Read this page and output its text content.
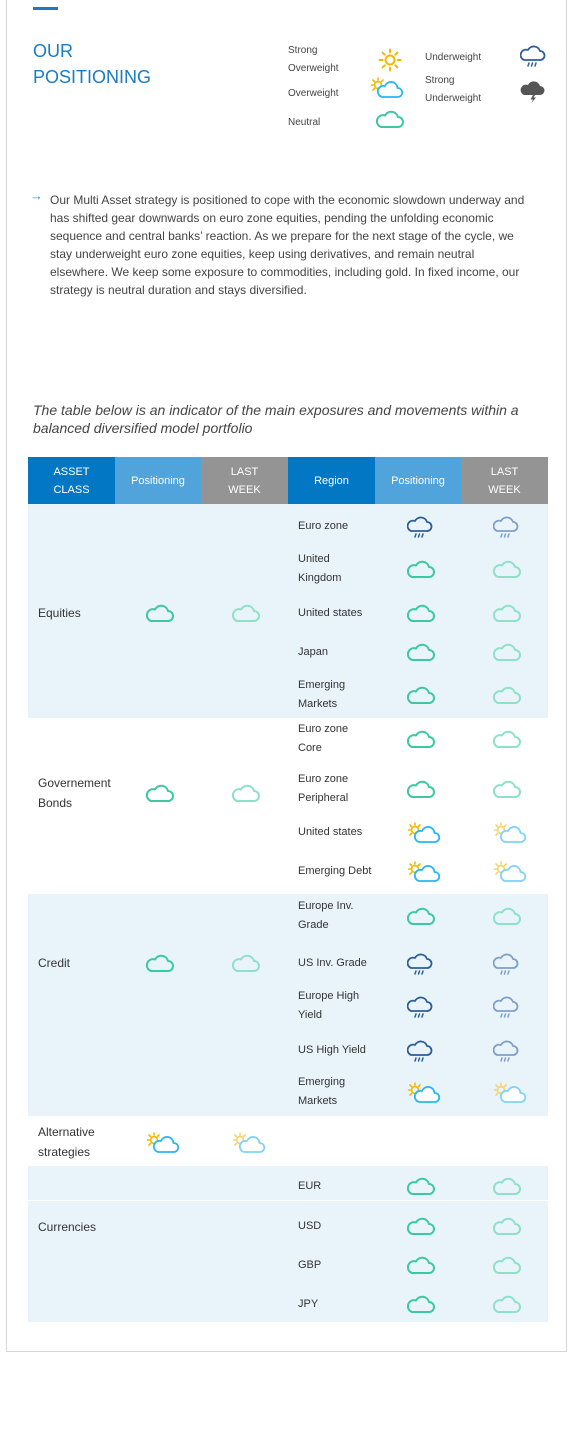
OUR
POSITIONING
Strong
Overweight
Overweight
Neutral
Underweight
Strong
Underweight
→ Our Multi Asset strategy is positioned to cope with the economic slowdown underway and has shifted gear downwards on euro zone equities, pending the unfolding economic sequence and central banks’ reaction. As we prepare for the next stage of the cycle, we stay underweight euro zone equities, keep using derivatives, and remain neutral elsewhere. We keep some exposure to commodities, including gold. In fixed income, our strategy is neutral duration and stays diversified.
The table below is an indicator of the main exposures and movements within a balanced diversified model portfolio
ASSET
CLASS
Positioning
LAST
WEEK
Region	Positioning
LAST
WEEK
Equities
Governement
Bonds
Credit
Alternative
strategies
Currencies
Euro zone
United
Kingdom
United states
Japan
Emerging
Markets
Euro zone
Core
Euro zone
Peripheral
United states
Emerging Debt
Europe Inv.
Grade
US Inv. Grade
Europe High
Yield
US High Yield
Emerging
Markets
EUR
USD
GBP
JPY
